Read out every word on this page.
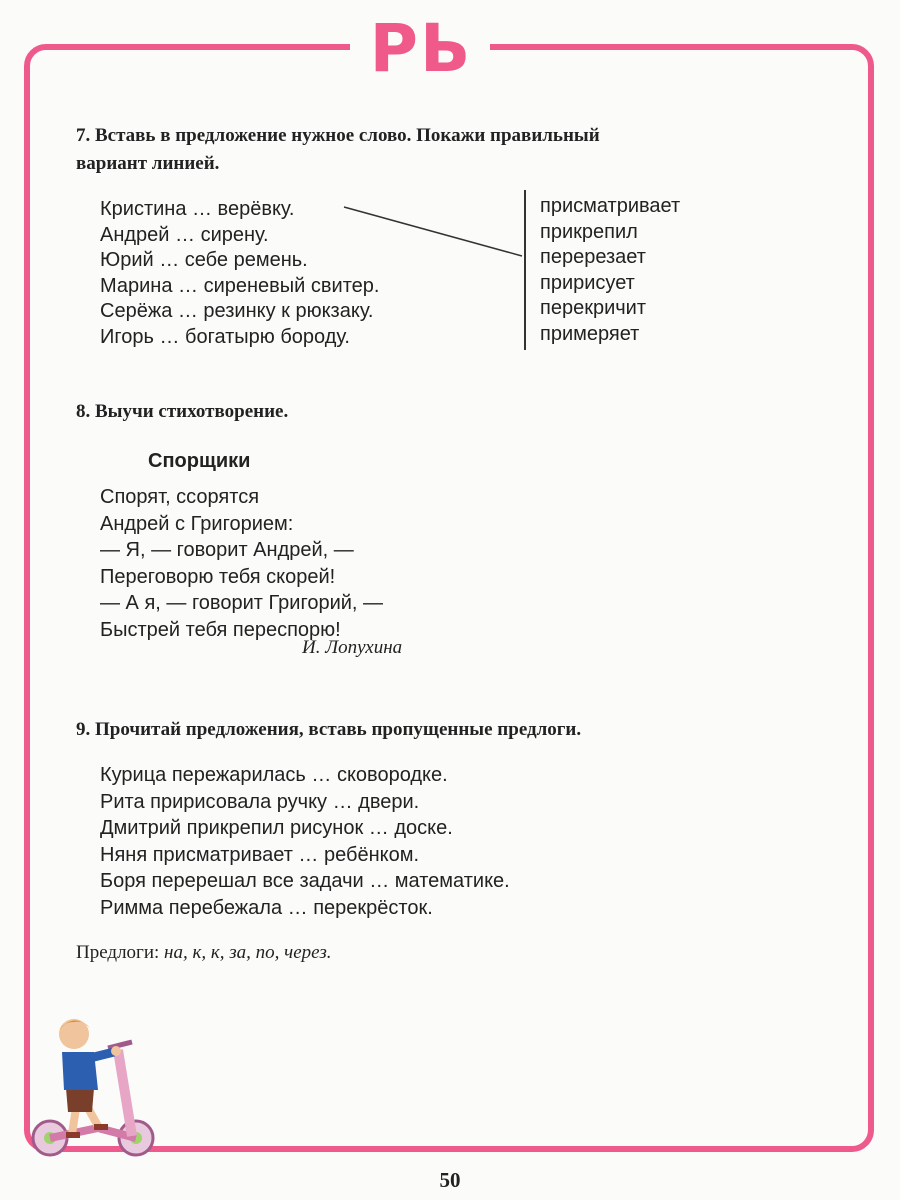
РЬ
7. Вставь в предложение нужное слово. Покажи правильный
вариант линией.
Кристина … верёвку.
Андрей … сирену.
Юрий … себе ремень.
Марина … сиреневый свитер.
Серёжа … резинку к рюкзаку.
Игорь … богатырю бороду.
присматривает
прикрепил
перерезает
пририсует
перекричит
примеряет
8. Выучи стихотворение.
Спорщики
Спорят, ссорятся
Андрей с Григорием:
— Я, — говорит Андрей, —
Переговорю тебя скорей!
— А я, — говорит Григорий, —
Быстрей тебя переспорю!
И. Лопухина
9. Прочитай предложения, вставь пропущенные предлоги.
Курица пережарилась … сковородке.
Рита пририсовала ручку … двери.
Дмитрий прикрепил рисунок … доске.
Няня присматривает … ребёнком.
Боря перерешал все задачи … математике.
Римма перебежала … перекрёсток.
Предлоги: на, к, к, за, по, через.
50
